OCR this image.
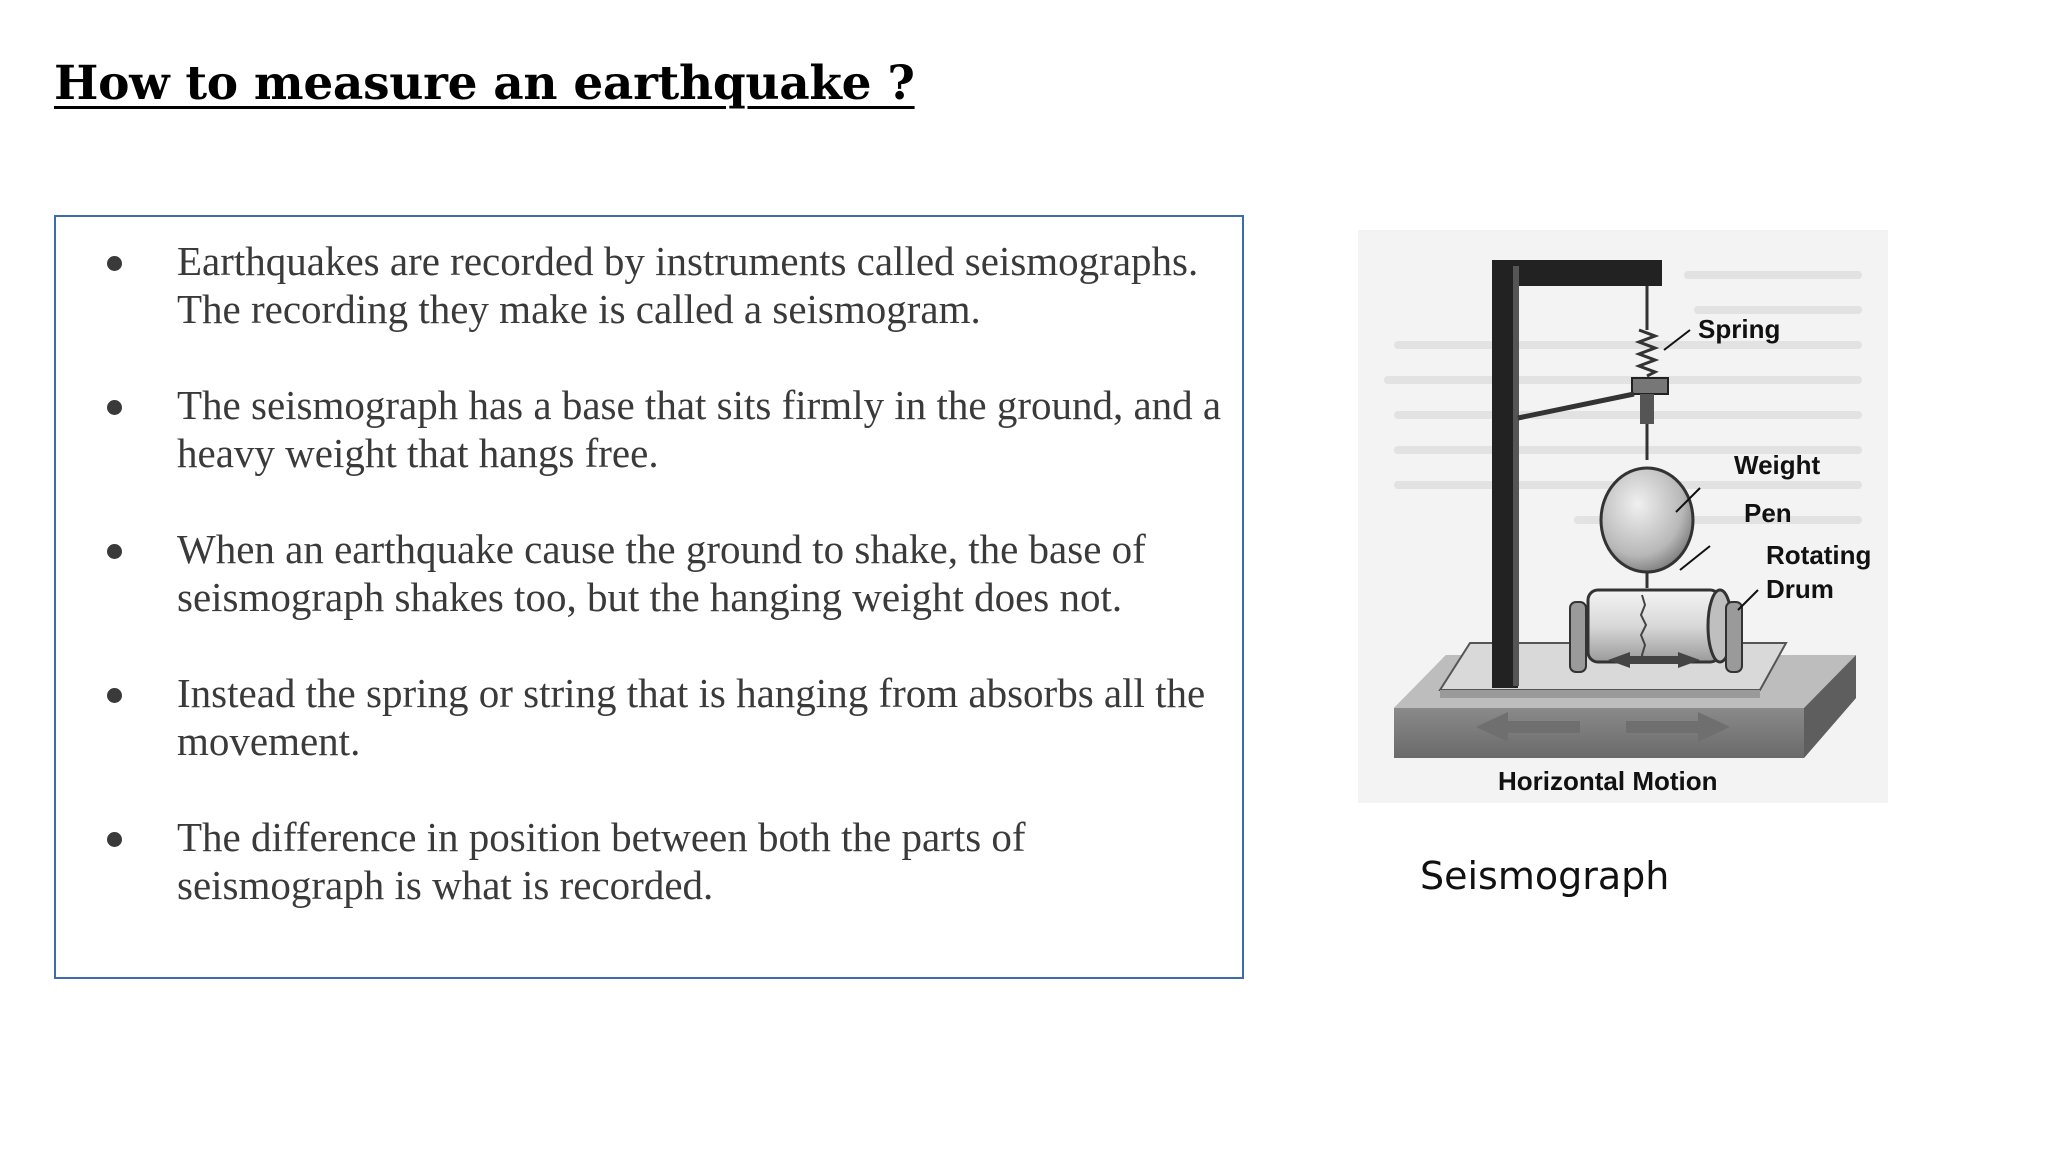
How to measure an earthquake ?
Earthquakes are recorded by instruments called seismographs. The recording they make is called a seismogram.
The seismograph has a base that sits firmly in the ground, and a heavy weight that hangs free.
When an earthquake cause the ground to shake, the base of seismograph shakes too, but the hanging weight does not.
Instead the spring or string that is hanging from absorbs all the movement.
The difference in position between both the parts of seismograph is what is recorded.
Spring
Weight
Pen
Rotating
Drum
Horizontal Motion

Seismograph
